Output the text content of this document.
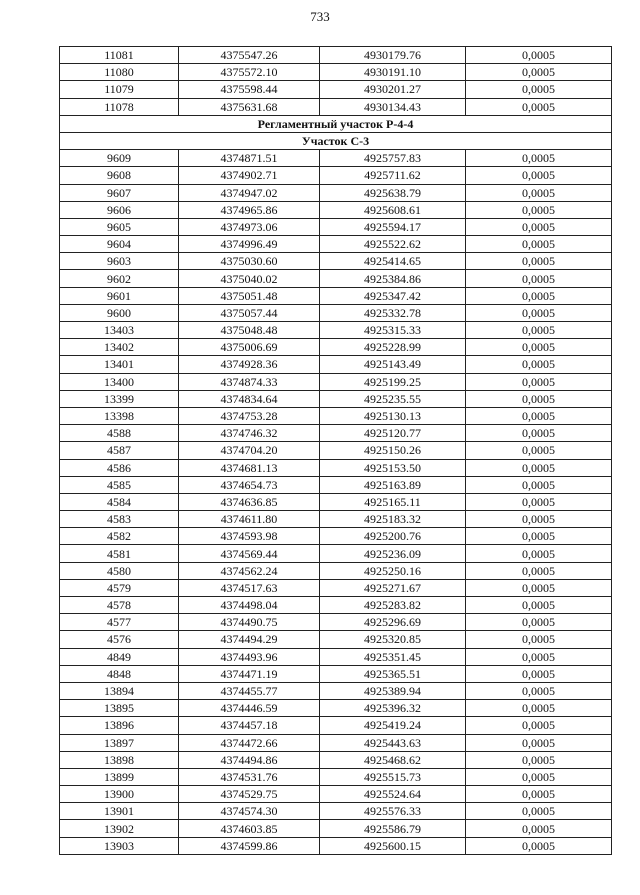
733
11081	4375547.26	4930179.76	0,0005
11080	4375572.10	4930191.10	0,0005
11079	4375598.44	4930201.27	0,0005
11078	4375631.68	4930134.43	0,0005
Регламентный участок Р-4-4			
Участок С-3			
9609	4374871.51	4925757.83	0,0005
9608	4374902.71	4925711.62	0,0005
9607	4374947.02	4925638.79	0,0005
9606	4374965.86	4925608.61	0,0005
9605	4374973.06	4925594.17	0,0005
9604	4374996.49	4925522.62	0,0005
9603	4375030.60	4925414.65	0,0005
9602	4375040.02	4925384.86	0,0005
9601	4375051.48	4925347.42	0,0005
9600	4375057.44	4925332.78	0,0005
13403	4375048.48	4925315.33	0,0005
13402	4375006.69	4925228.99	0,0005
13401	4374928.36	4925143.49	0,0005
13400	4374874.33	4925199.25	0,0005
13399	4374834.64	4925235.55	0,0005
13398	4374753.28	4925130.13	0,0005
4588	4374746.32	4925120.77	0,0005
4587	4374704.20	4925150.26	0,0005
4586	4374681.13	4925153.50	0,0005
4585	4374654.73	4925163.89	0,0005
4584	4374636.85	4925165.11	0,0005
4583	4374611.80	4925183.32	0,0005
4582	4374593.98	4925200.76	0,0005
4581	4374569.44	4925236.09	0,0005
4580	4374562.24	4925250.16	0,0005
4579	4374517.63	4925271.67	0,0005
4578	4374498.04	4925283.82	0,0005
4577	4374490.75	4925296.69	0,0005
4576	4374494.29	4925320.85	0,0005
4849	4374493.96	4925351.45	0,0005
4848	4374471.19	4925365.51	0,0005
13894	4374455.77	4925389.94	0,0005
13895	4374446.59	4925396.32	0,0005
13896	4374457.18	4925419.24	0,0005
13897	4374472.66	4925443.63	0,0005
13898	4374494.86	4925468.62	0,0005
13899	4374531.76	4925515.73	0,0005
13900	4374529.75	4925524.64	0,0005
13901	4374574.30	4925576.33	0,0005
13902	4374603.85	4925586.79	0,0005
13903	4374599.86	4925600.15	0,0005
